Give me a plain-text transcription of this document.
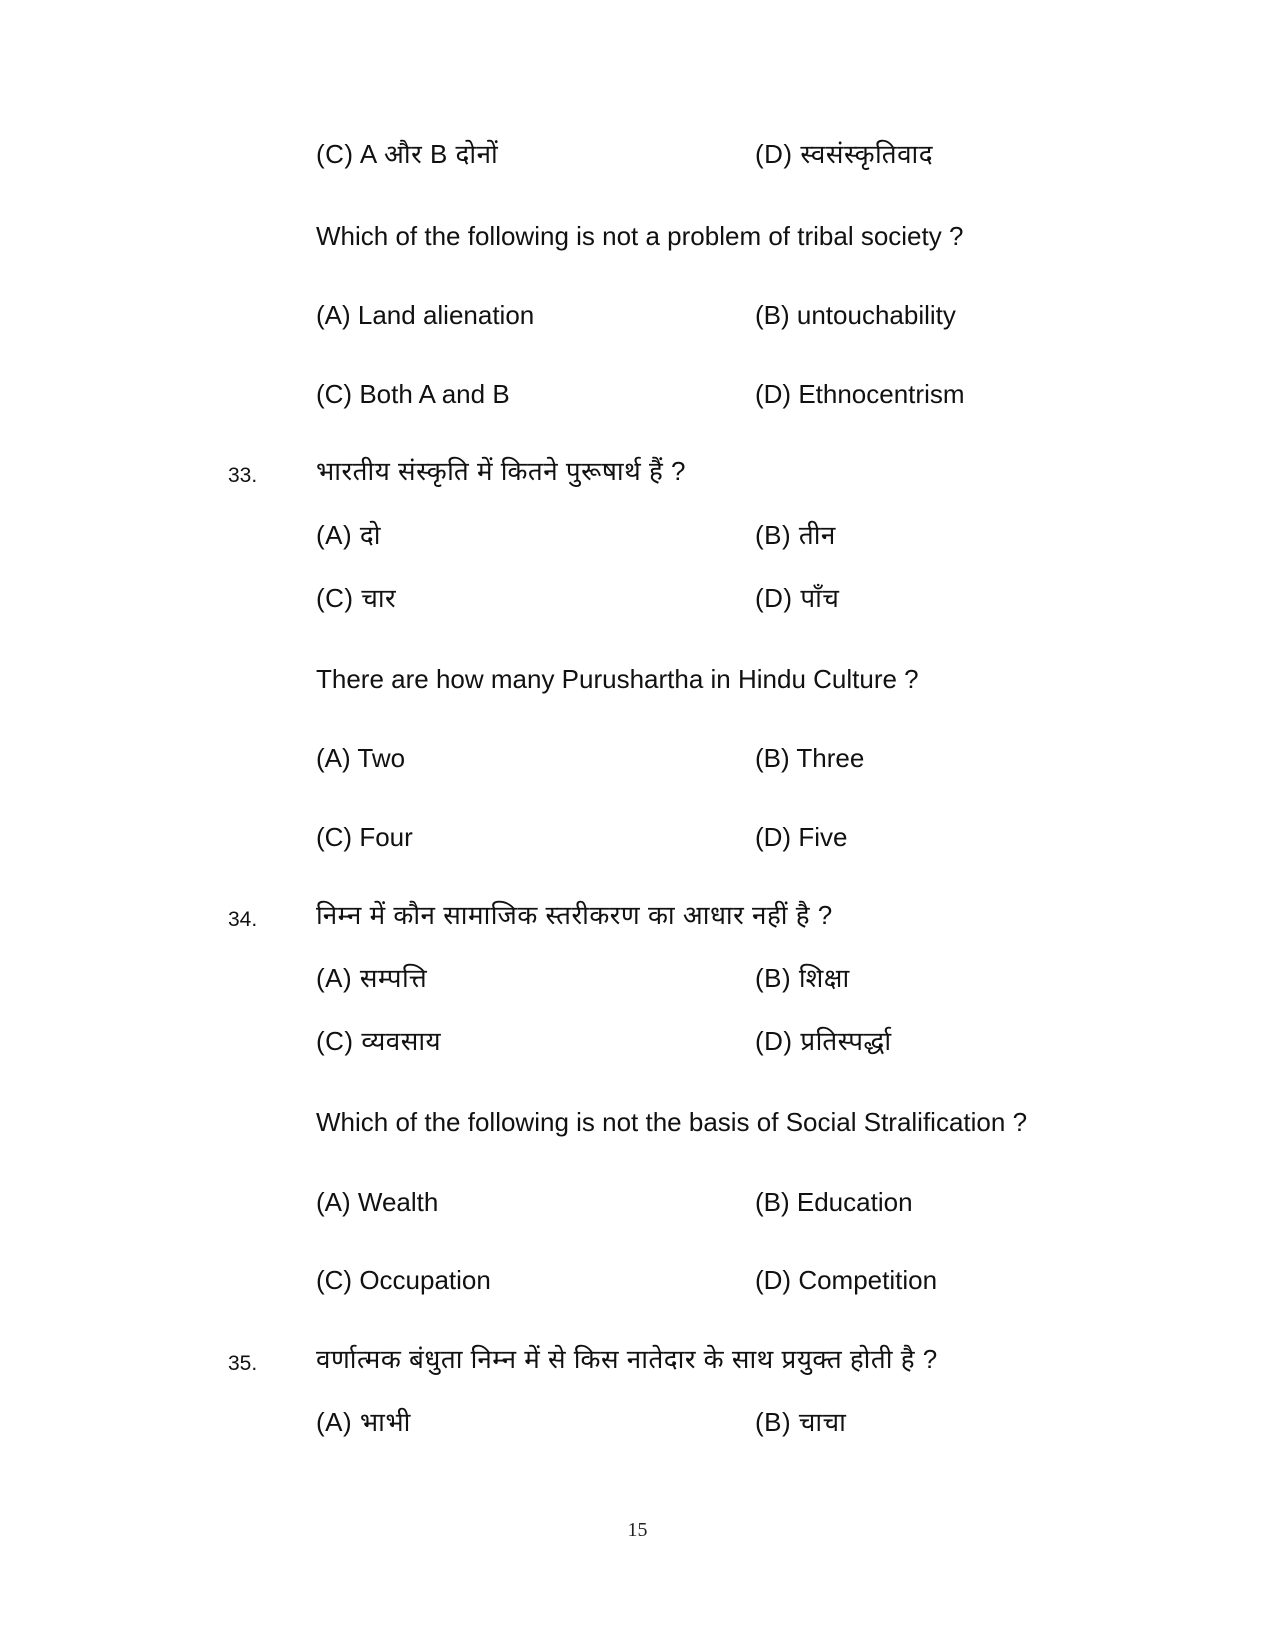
(C) A और B दोनों	(D) स्वसंस्कृतिवाद
Which of the following is not a problem of tribal society ?
(A) Land alienation	(B) untouchability
(C) Both A and B	(D) Ethnocentrism
33. भारतीय संस्कृति में कितने पुरूषार्थ हैं ?
(A) दो	(B) तीन
(C) चार	(D) पाँच
There are how many Purushartha in Hindu Culture ?
(A) Two	(B) Three
(C) Four	(D) Five
34. निम्न में कौन सामाजिक स्तरीकरण का आधार नहीं है ?
(A) सम्पत्ति	(B) शिक्षा
(C) व्यवसाय	(D) प्रतिस्पर्द्धा
Which of the following is not the basis of Social Stralification ?
(A) Wealth	(B) Education
(C) Occupation	(D) Competition
35. वर्णात्मक बंधुता निम्न में से किस नातेदार के साथ प्रयुक्त होती है ?
(A) भाभी	(B) चाचा
15
